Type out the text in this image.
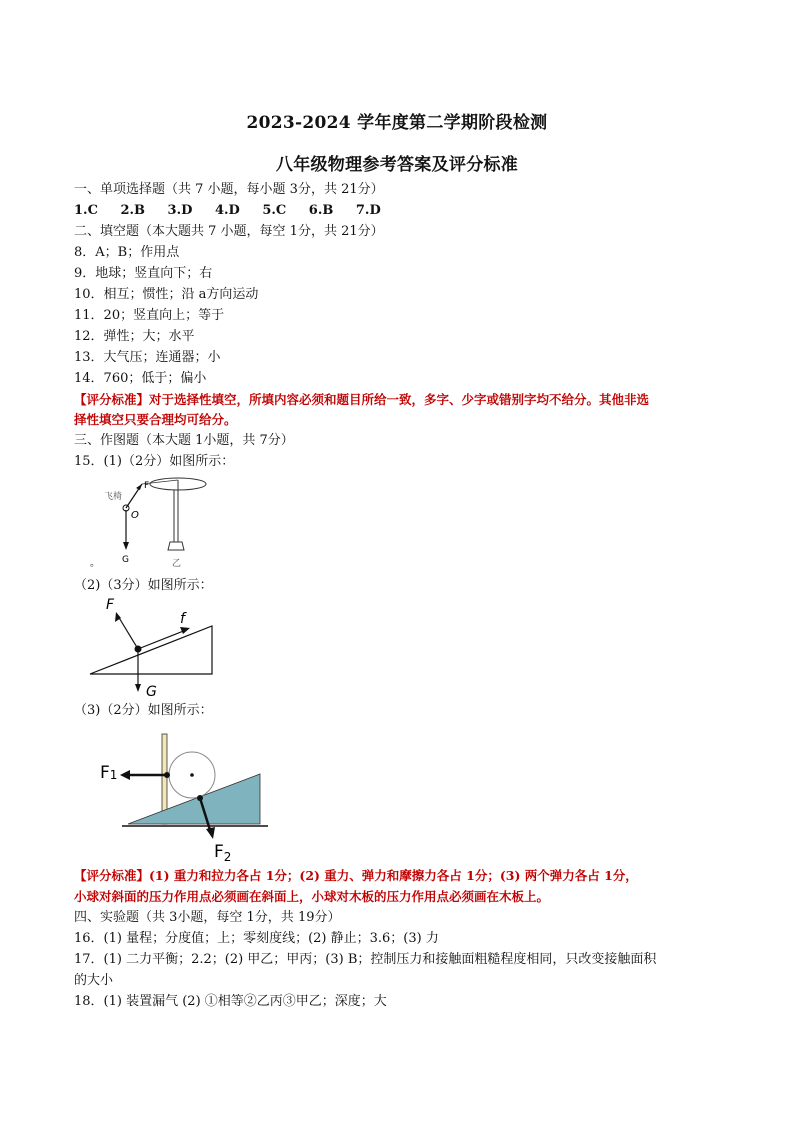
2023-2024 学年度第二学期阶段检测
八年级物理参考答案及评分标准
一、单项选择题（共 7 小题，每小题 3分，共 21分）
1.C 2.B 3.D 4.D 5.C 6.B 7.D
二、填空题（本大题共 7 小题，每空 1分，共 21分）
8．A；B；作用点
9．地球；竖直向下；右
10．相互；惯性；沿 a方向运动
11．20；竖直向上；等于
12．弹性；大；水平
13．大气压；连通器；小
14．760；低于；偏小
【评分标准】对于选择性填空，所填内容必须和题目所给一致，多字、少字或错别字均不给分。其他非选
择性填空只要合理均可给分。
三、作图题（本大题 1小题，共 7分）
15．(1)（2分）如图所示：
F
飞椅
O
G	乙
。
（2)（3分）如图所示：
F
f
G
（3)（2分）如图所示：
F1
$F_2$
【评分标准】(1) 重力和拉力各占 1分；(2) 重力、弹力和摩擦力各占 1分；(3) 两个弹力各占 1分，
小球对斜面的压力作用点必须画在斜面上，小球对木板的压力作用点必须画在木板上。
四、实验题（共 3小题，每空 1分，共 19分）
16．(1) 量程；分度值；上；零刻度线；(2) 静止；3.6；(3) 力
17．(1) 二力平衡；2.2；(2) 甲乙；甲丙；(3) B；控制压力和接触面粗糙程度相同，只改变接触面积
的大小
18．(1) 装置漏气 (2) ①相等②乙丙③甲乙；深度；大
